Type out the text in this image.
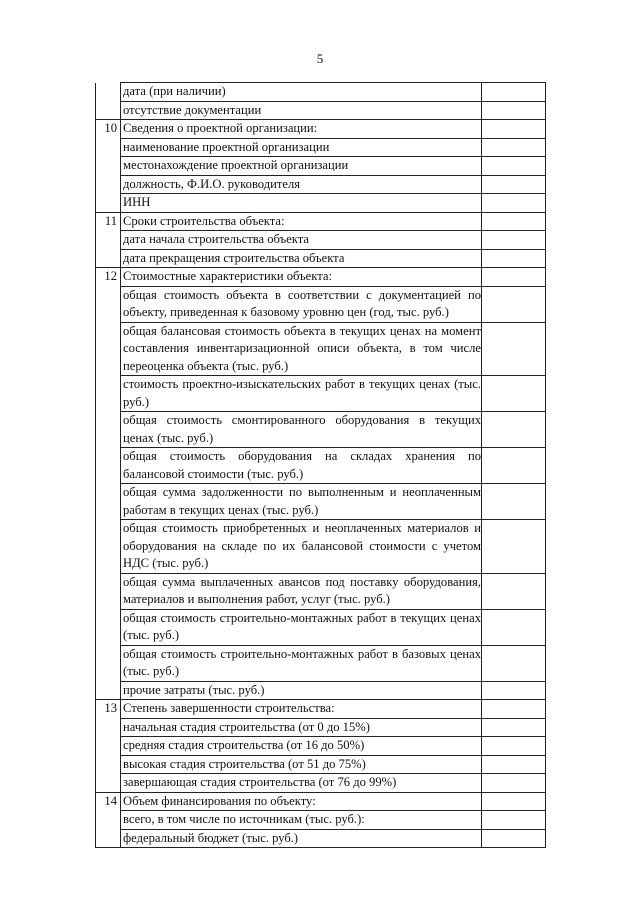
5
	дата (при наличии)	
	отсутствие документации	
10	Сведения о проектной организации:	
	наименование проектной организации	
	местонахождение проектной организации	
	должность, Ф.И.О. руководителя	
	ИНН	
11	Сроки строительства объекта:	
	дата начала строительства объекта	
	дата прекращения строительства объекта	
12	Стоимостные характеристики объекта:	
	общая стоимость объекта в соответствии с документацией по объекту, приведенная к базовому уровню цен (год, тыс. руб.)	
	общая балансовая стоимость объекта в текущих ценах на момент составления инвентаризационной описи объекта, в том числе переоценка объекта (тыс. руб.)	
	стоимость проектно-изыскательских работ в текущих ценах (тыс. руб.)	
	общая стоимость смонтированного оборудования в текущих ценах (тыс. руб.)	
	общая стоимость оборудования на складах хранения по балансовой стоимости (тыс. руб.)	
	общая сумма задолженности по выполненным и неоплаченным работам в текущих ценах (тыс. руб.)	
	общая стоимость приобретенных и неоплаченных материалов и оборудования на складе по их балансовой стоимости с учетом НДС (тыс. руб.)	
	общая сумма выплаченных авансов под поставку оборудования, материалов и выполнения работ, услуг (тыс. руб.)	
	общая стоимость строительно-монтажных работ в текущих ценах (тыс. руб.)	
	общая стоимость строительно-монтажных работ в базовых ценах (тыс. руб.)	
	прочие затраты (тыс. руб.)	
13	Степень завершенности строительства:	
	начальная стадия строительства (от 0 до 15%)	
	средняя стадия строительства (от 16 до 50%)	
	высокая стадия строительства (от 51 до 75%)	
	завершающая стадия строительства (от 76 до 99%)	
14	Объем финансирования по объекту:	
	всего, в том числе по источникам (тыс. руб.):	
	федеральный бюджет (тыс. руб.)	
